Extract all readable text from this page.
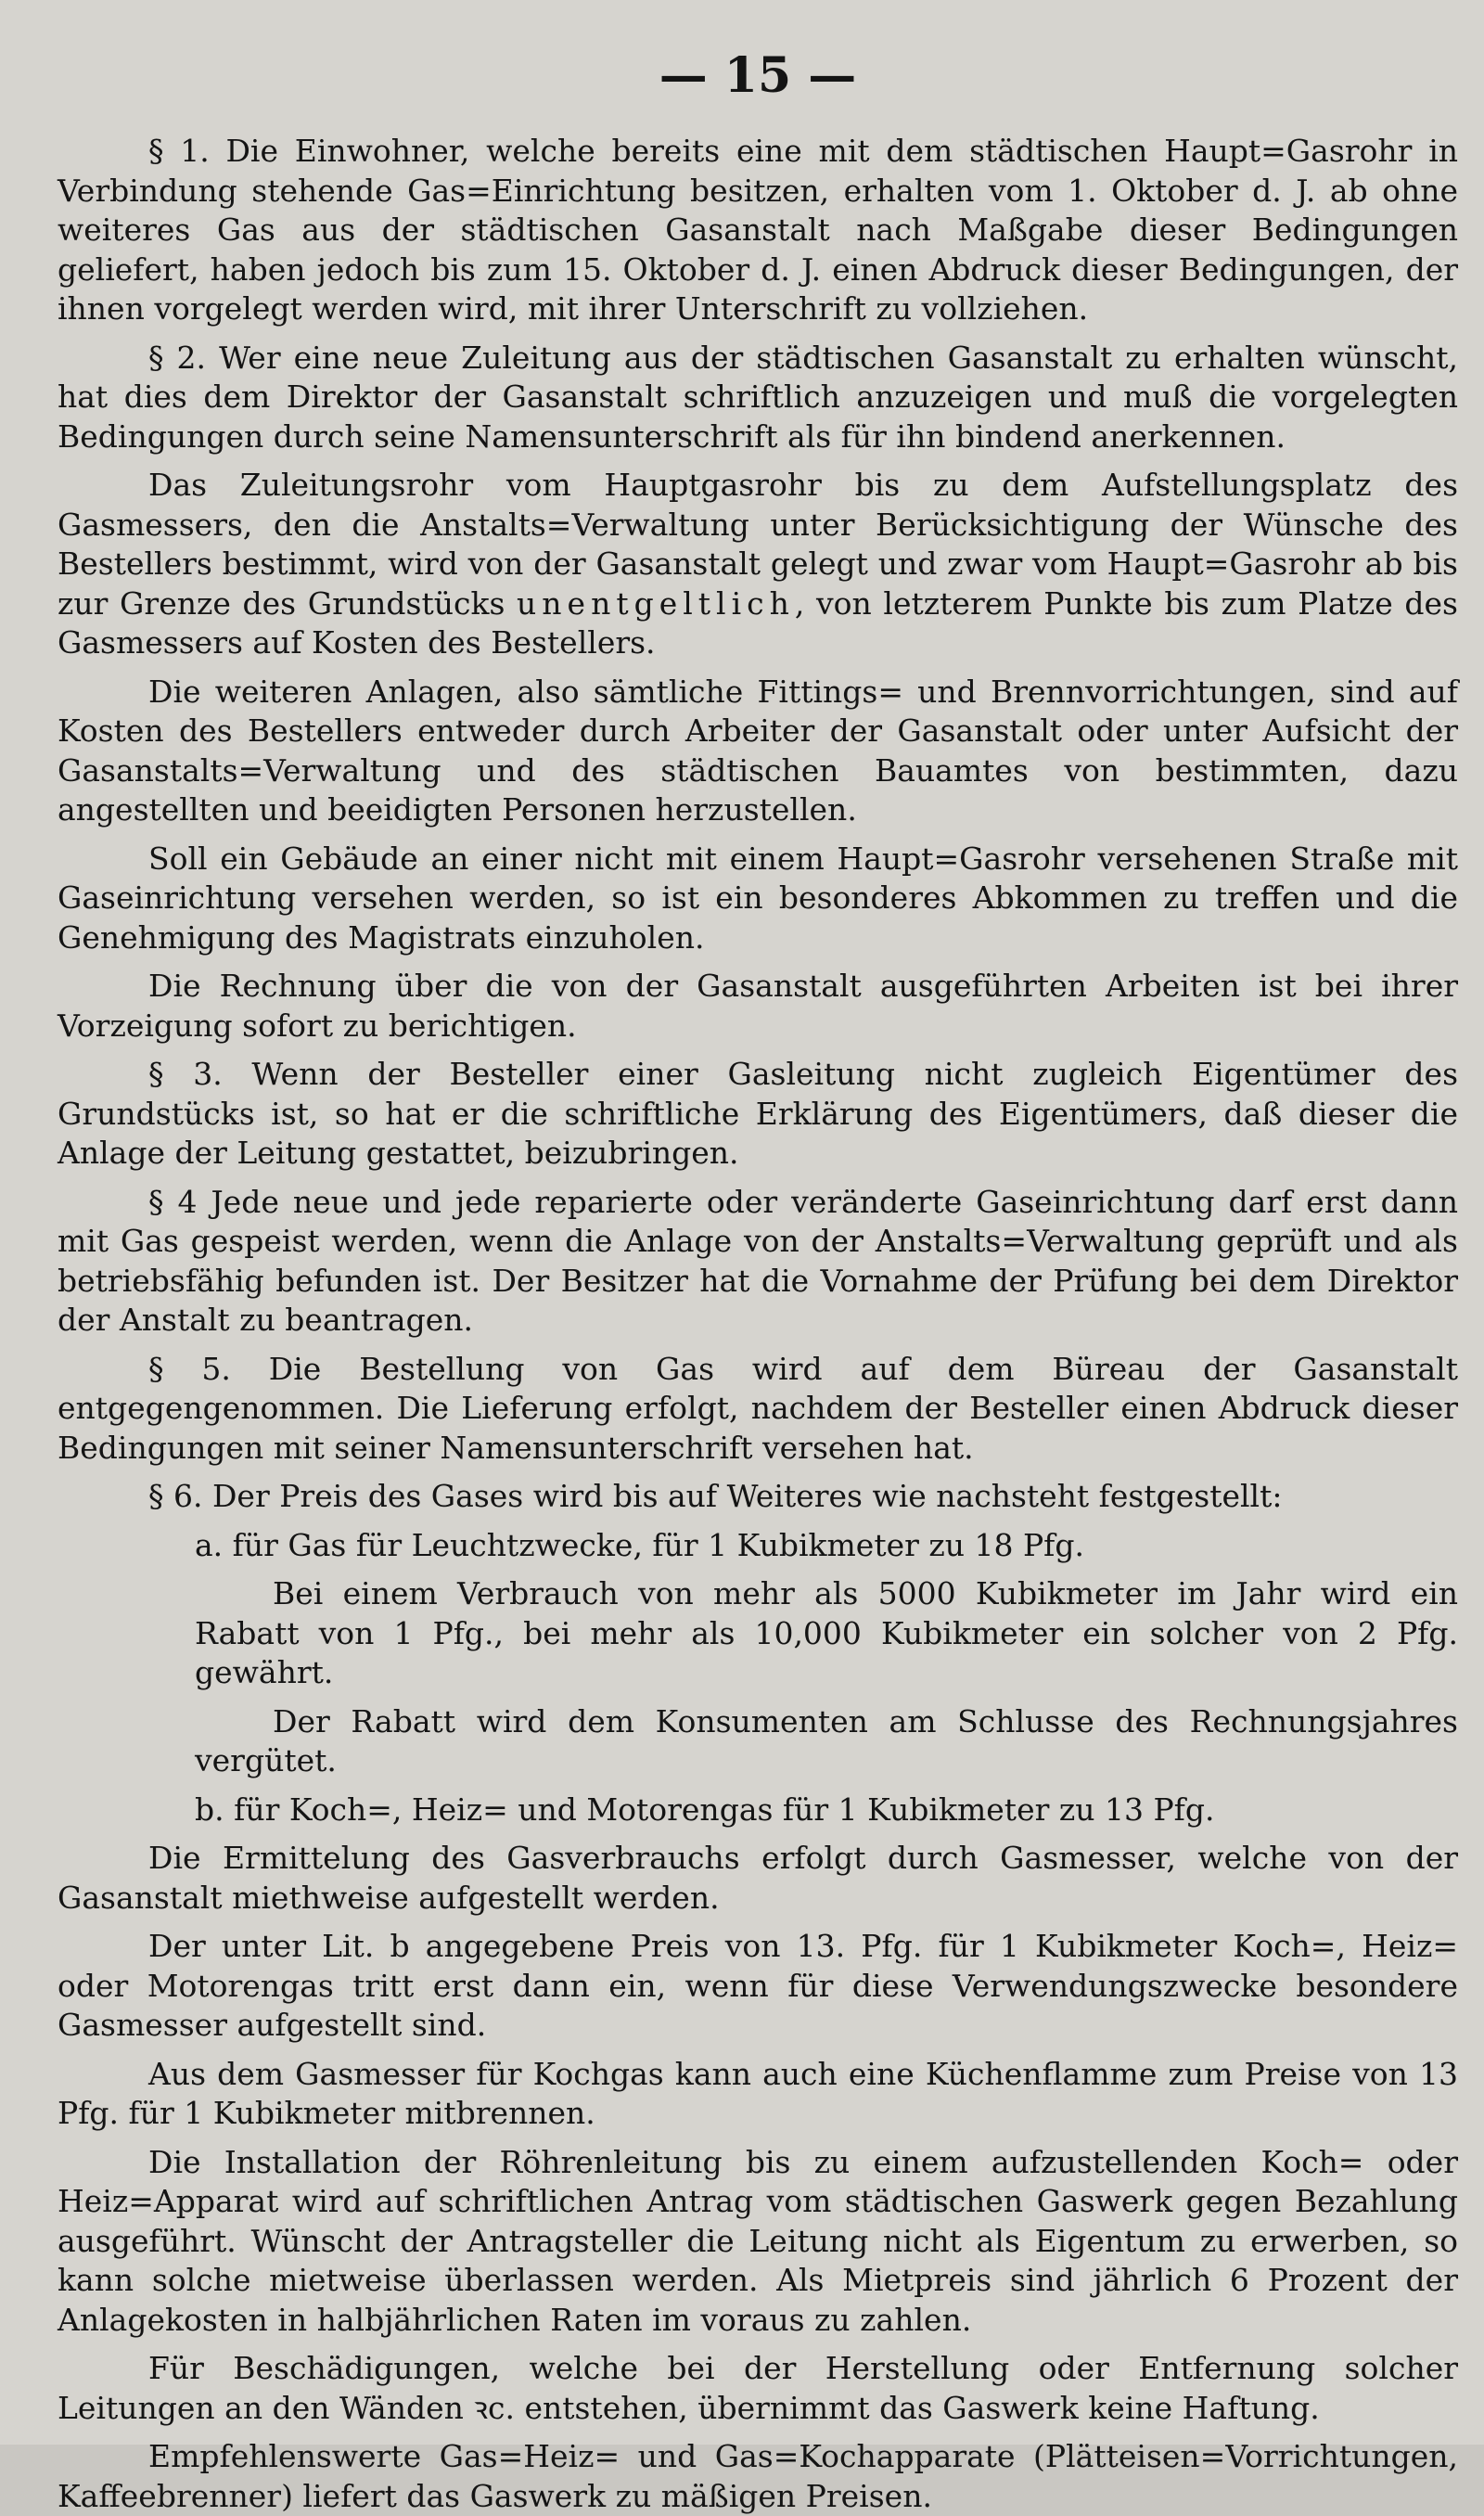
— 15 —

§ 1. Die Einwohner, welche bereits eine mit dem städtischen Haupt=Gasrohr in Verbindung stehende Gas=Einrichtung besitzen, erhalten vom 1. Oktober d. J. ab ohne weiteres Gas aus der städtischen Gasanstalt nach Maßgabe dieser Bedingungen geliefert, haben jedoch bis zum 15. Oktober d. J. einen Abdruck dieser Bedingungen, der ihnen vorgelegt werden wird, mit ihrer Unterschrift zu vollziehen.

§ 2. Wer eine neue Zuleitung aus der städtischen Gasanstalt zu erhalten wünscht, hat dies dem Direktor der Gasanstalt schriftlich anzuzeigen und muß die vorgelegten Bedingungen durch seine Namensunterschrift als für ihn bindend anerkennen.

Das Zuleitungsrohr vom Hauptgasrohr bis zu dem Aufstellungsplatz des Gasmessers, den die Anstalts=Verwaltung unter Berücksichtigung der Wünsche des Bestellers bestimmt, wird von der Gasanstalt gelegt und zwar vom Haupt=Gasrohr ab bis zur Grenze des Grundstücks unentgeltlich, von letzterem Punkte bis zum Platze des Gasmessers auf Kosten des Bestellers.

Die weiteren Anlagen, also sämtliche Fittings= und Brennvorrichtungen, sind auf Kosten des Bestellers entweder durch Arbeiter der Gasanstalt oder unter Aufsicht der Gasanstalts=Verwaltung und des städtischen Bauamtes von bestimmten, dazu angestellten und beeidigten Personen herzustellen.

Soll ein Gebäude an einer nicht mit einem Haupt=Gasrohr versehenen Straße mit Gaseinrichtung versehen werden, so ist ein besonderes Abkommen zu treffen und die Genehmigung des Magistrats einzuholen.

Die Rechnung über die von der Gasanstalt ausgeführten Arbeiten ist bei ihrer Vorzeigung sofort zu berichtigen.

§ 3. Wenn der Besteller einer Gasleitung nicht zugleich Eigentümer des Grundstücks ist, so hat er die schriftliche Erklärung des Eigentümers, daß dieser die Anlage der Leitung gestattet, beizubringen.

§ 4 Jede neue und jede reparierte oder veränderte Gaseinrichtung darf erst dann mit Gas gespeist werden, wenn die Anlage von der Anstalts=Verwaltung geprüft und als betriebsfähig befunden ist. Der Besitzer hat die Vornahme der Prüfung bei dem Direktor der Anstalt zu beantragen.

§ 5. Die Bestellung von Gas wird auf dem Büreau der Gasanstalt entgegengenommen. Die Lieferung erfolgt, nachdem der Besteller einen Abdruck dieser Bedingungen mit seiner Namensunterschrift versehen hat.

§ 6. Der Preis des Gases wird bis auf Weiteres wie nachsteht festgestellt:

a. für Gas für Leuchtzwecke, für 1 Kubikmeter zu 18 Pfg.

Bei einem Verbrauch von mehr als 5000 Kubikmeter im Jahr wird ein Rabatt von 1 Pfg., bei mehr als 10,000 Kubikmeter ein solcher von 2 Pfg. gewährt.

Der Rabatt wird dem Konsumenten am Schlusse des Rechnungsjahres vergütet.

b. für Koch=, Heiz= und Motorengas für 1 Kubikmeter zu 13 Pfg.

Die Ermittelung des Gasverbrauchs erfolgt durch Gasmesser, welche von der Gasanstalt miethweise aufgestellt werden.

Der unter Lit. b angegebene Preis von 13. Pfg. für 1 Kubikmeter Koch=, Heiz= oder Motorengas tritt erst dann ein, wenn für diese Verwendungszwecke besondere Gasmesser aufgestellt sind.

Aus dem Gasmesser für Kochgas kann auch eine Küchenflamme zum Preise von 13 Pfg. für 1 Kubikmeter mitbrennen.

Die Installation der Röhrenleitung bis zu einem aufzustellenden Koch= oder Heiz=Apparat wird auf schriftlichen Antrag vom städtischen Gaswerk gegen Bezahlung ausgeführt. Wünscht der Antragsteller die Leitung nicht als Eigentum zu erwerben, so kann solche mietweise überlassen werden. Als Mietpreis sind jährlich 6 Prozent der Anlagekosten in halbjährlichen Raten im voraus zu zahlen.

Für Beschädigungen, welche bei der Herstellung oder Entfernung solcher Leitungen an den Wänden ꝛc. entstehen, übernimmt das Gaswerk keine Haftung.

Empfehlenswerte Gas=Heiz= und Gas=Kochapparate (Plätteisen=Vorrichtungen, Kaffeebrenner) liefert das Gaswerk zu mäßigen Preisen.
